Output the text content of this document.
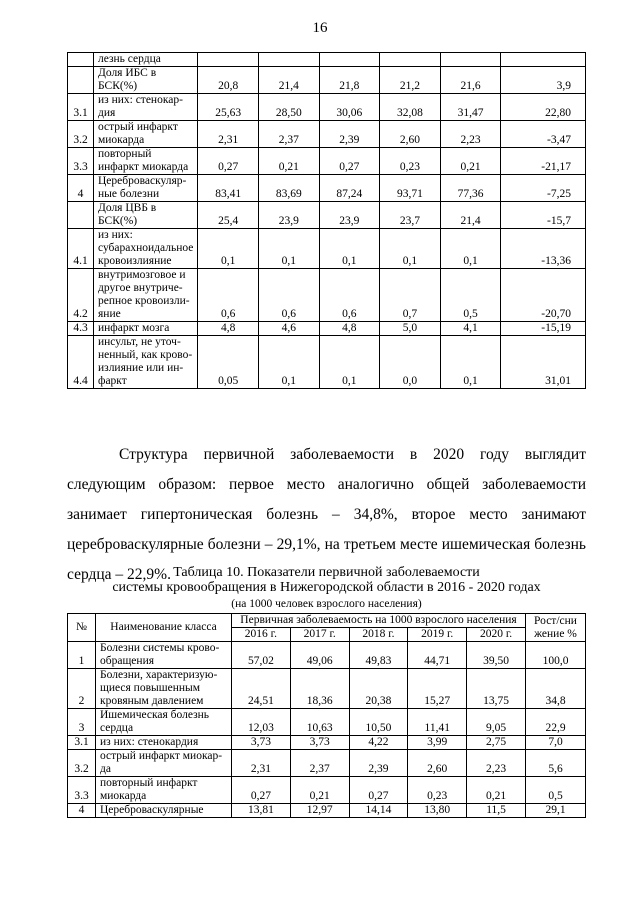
16
	лезнь сердца						
	Доля ИБС в БСК(%)	20,8	21,4	21,8	21,2	21,6	3,9
3.1	из них: стенокар-дия	25,63	28,50	30,06	32,08	31,47	22,80
3.2	острый инфаркт миокарда	2,31	2,37	2,39	2,60	2,23	-3,47
3.3	повторный инфаркт миокарда	0,27	0,21	0,27	0,23	0,21	-21,17
4	Цереброваскуляр-ные болезни	83,41	83,69	87,24	93,71	77,36	-7,25
	Доля ЦВБ в БСК(%)	25,4	23,9	23,9	23,7	21,4	-15,7
4.1	из них: субарахноидальное кровоизлияние	0,1	0,1	0,1	0,1	0,1	-13,36
4.2	внутримозговое и другое внутриче-репное кровоизли-яние	0,6	0,6	0,6	0,7	0,5	-20,70
4.3	инфаркт мозга	4,8	4,6	4,8	5,0	4,1	-15,19
4.4	инсульт, не уточ-ненный, как крово-излияние или ин-фаркт	0,05	0,1	0,1	0,0	0,1	31,01

Структура первичной заболеваемости в 2020 году выглядит следующим образом: первое место аналогично общей заболеваемости занимает гипертоническая болезнь – 34,8%, второе место занимают цереброваскулярные болезни – 29,1%, на третьем месте ишемическая болезнь сердца – 22,9%. Таблица 10. Показатели первичной заболеваемости
системы кровообращения в Нижегородской области в 2016 - 2020 годах

(на 1000 человек взрослого населения)

№	Наименование класса	Первичная заболеваемость на 1000 взрослого населения					Рост/сни жение %
		2016 г.	2017 г.	2018 г.	2019 г.	2020 г.	
1	Болезни системы крово-обращения	57,02	49,06	49,83	44,71	39,50	100,0
2	Болезни, характеризую-щиеся повышенным кровяным давлением	24,51	18,36	20,38	15,27	13,75	34,8
3	Ишемическая болезнь сердца	12,03	10,63	10,50	11,41	9,05	22,9
3.1	из них: стенокардия	3,73	3,73	4,22	3,99	2,75	7,0
3.2	острый инфаркт миокар-да	2,31	2,37	2,39	2,60	2,23	5,6
3.3	повторный инфаркт миокарда	0,27	0,21	0,27	0,23	0,21	0,5
4	Цереброваскулярные	13,81	12,97	14,14	13,80	11,5	29,1
